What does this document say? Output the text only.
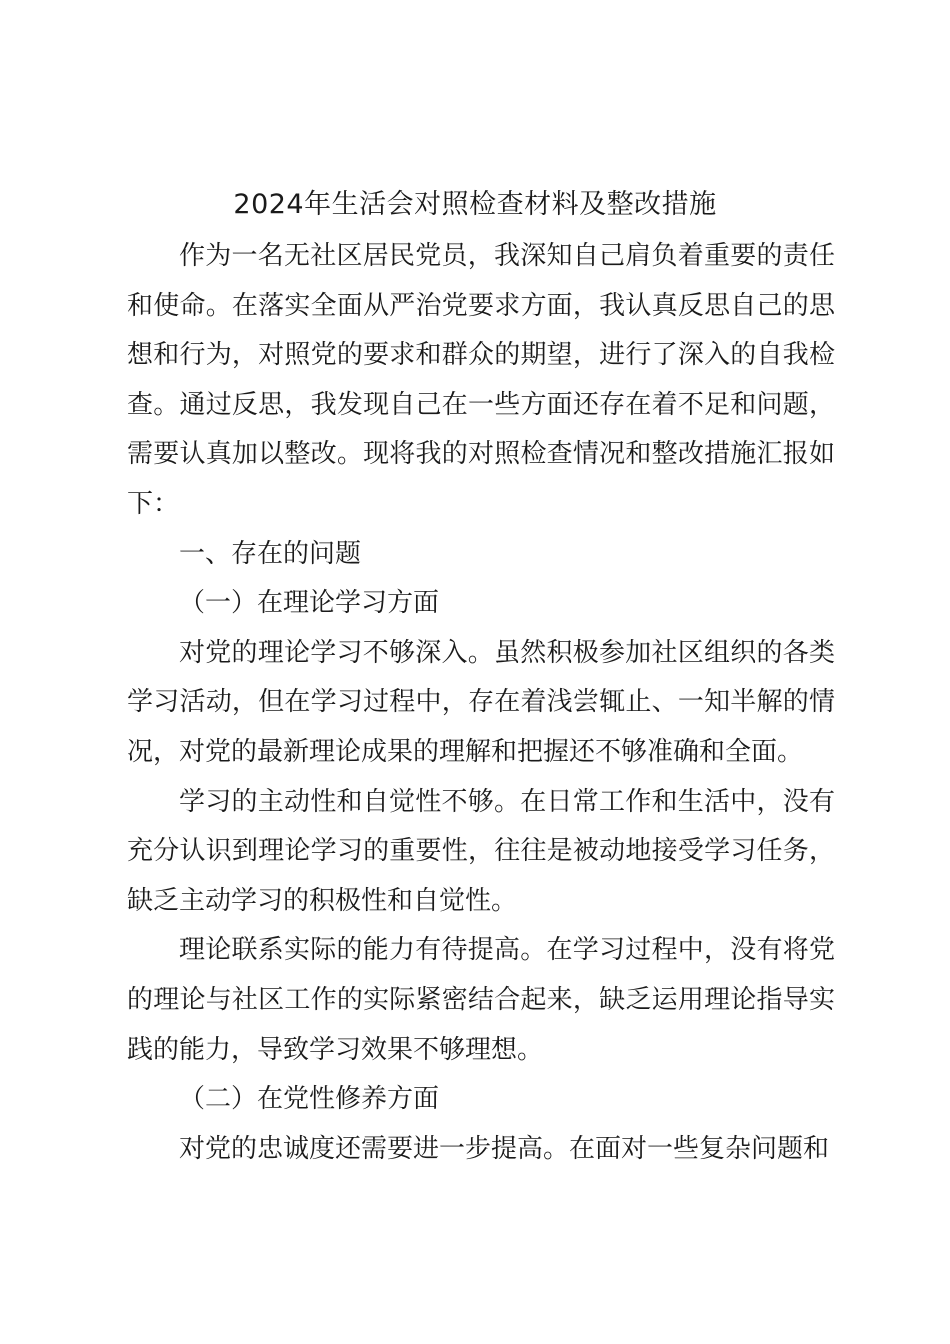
2024年生活会对照检查材料及整改措施

作为一名无社区居民党员，我深知自己肩负着重要的责任和使命。在落实全面从严治党要求方面，我认真反思自己的思想和行为，对照党的要求和群众的期望，进行了深入的自我检查。通过反思，我发现自己在一些方面还存在着不足和问题，需要认真加以整改。现将我的对照检查情况和整改措施汇报如下：

一、存在的问题

（一）在理论学习方面

对党的理论学习不够深入。虽然积极参加社区组织的各类学习活动，但在学习过程中，存在着浅尝辄止、一知半解的情况，对党的最新理论成果的理解和把握还不够准确和全面。

学习的主动性和自觉性不够。在日常工作和生活中，没有充分认识到理论学习的重要性，往往是被动地接受学习任务，缺乏主动学习的积极性和自觉性。

理论联系实际的能力有待提高。在学习过程中，没有将党的理论与社区工作的实际紧密结合起来，缺乏运用理论指导实践的能力，导致学习效果不够理想。

（二）在党性修养方面

对党的忠诚度还需要进一步提高。在面对一些复杂问题和
